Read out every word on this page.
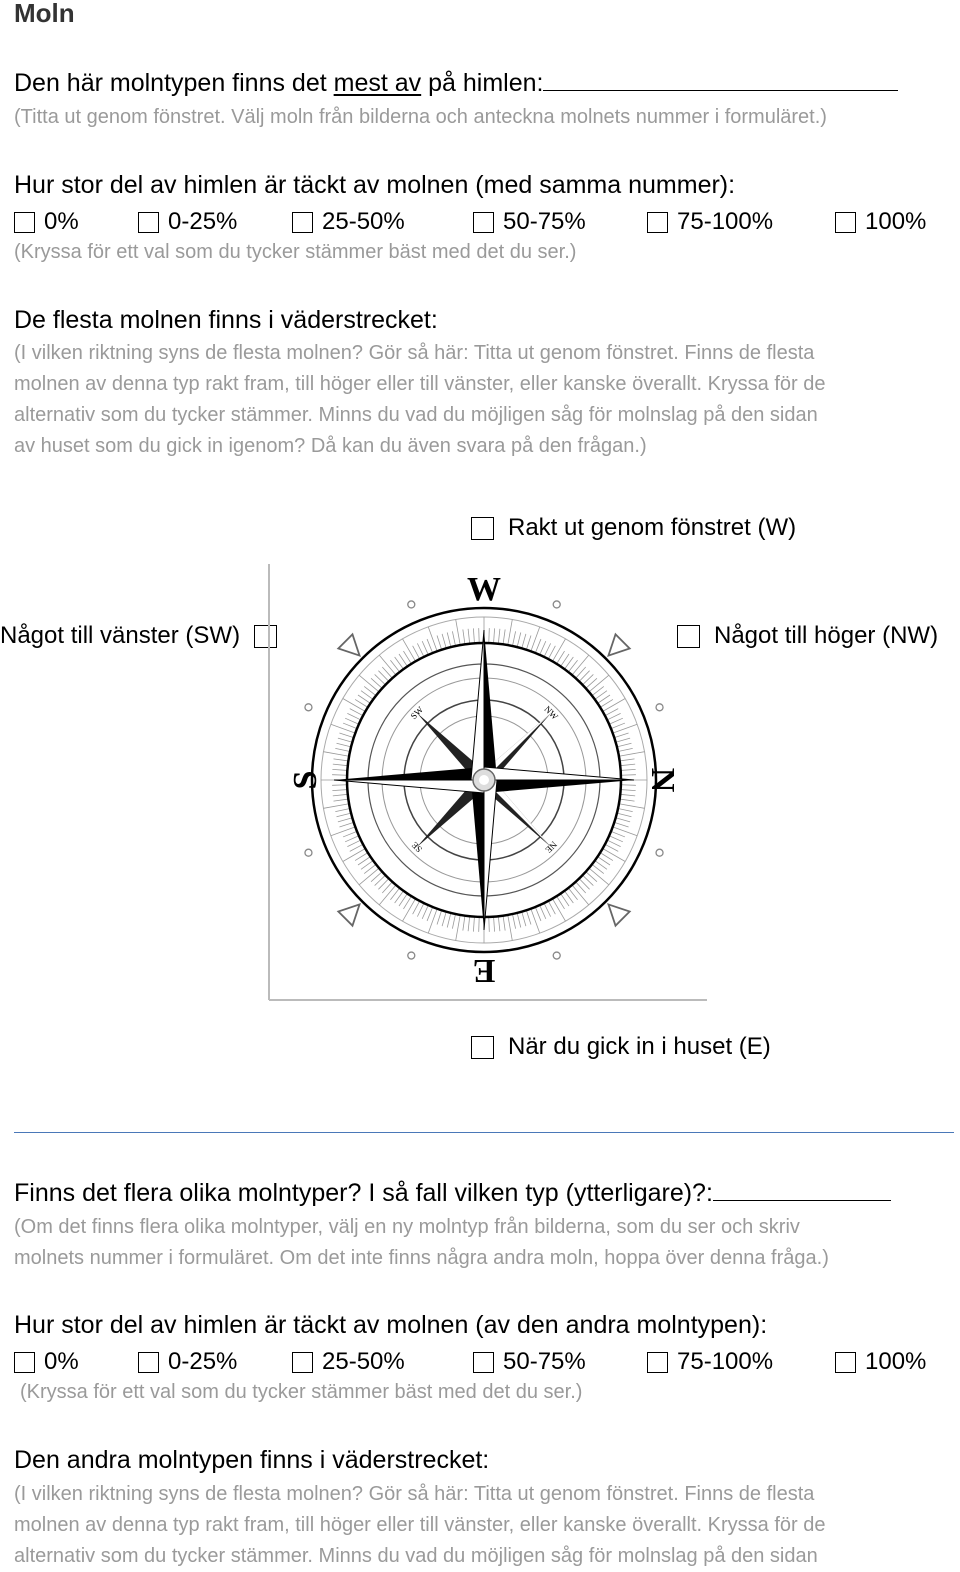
Moln
Den här molntypen finns det mest av på himlen:
(Titta ut genom fönstret. Välj moln från bilderna och anteckna molnets nummer i formuläret.)
Hur stor del av himlen är täckt av molnen (med samma nummer):
0%	0-25%	25-50%	50-75%	75-100%	100%
(Kryssa för ett val som du tycker stämmer bäst med det du ser.)
De flesta molnen finns i väderstrecket:
(I vilken riktning syns de flesta molnen? Gör så här: Titta ut genom fönstret. Finns de flesta
molnen av denna typ rakt fram, till höger eller till vänster, eller kanske överallt. Kryssa för de
alternativ som du tycker stämmer. Minns du vad du möjligen såg för molnslag på den sidan
av huset som du gick in igenom? Då kan du även svara på den frågan.)
Rakt ut genom fönstret (W)
Något till vänster (SW)	Något till höger (NW)
När du gick in i huset (E)
W
E
S	N
NW
SW
NE
SE
Finns det flera olika molntyper? I så fall vilken typ (ytterligare)?:
(Om det finns flera olika molntyper, välj en ny molntyp från bilderna, som du ser och skriv
molnets nummer i formuläret. Om det inte finns några andra moln, hoppa över denna fråga.)
Hur stor del av himlen är täckt av molnen (av den andra molntypen):
0%	0-25%	25-50%	50-75%	75-100%	100%
(Kryssa för ett val som du tycker stämmer bäst med det du ser.)
Den andra molntypen finns i väderstrecket:
(I vilken riktning syns de flesta molnen? Gör så här: Titta ut genom fönstret. Finns de flesta
molnen av denna typ rakt fram, till höger eller till vänster, eller kanske överallt. Kryssa för de
alternativ som du tycker stämmer. Minns du vad du möjligen såg för molnslag på den sidan
